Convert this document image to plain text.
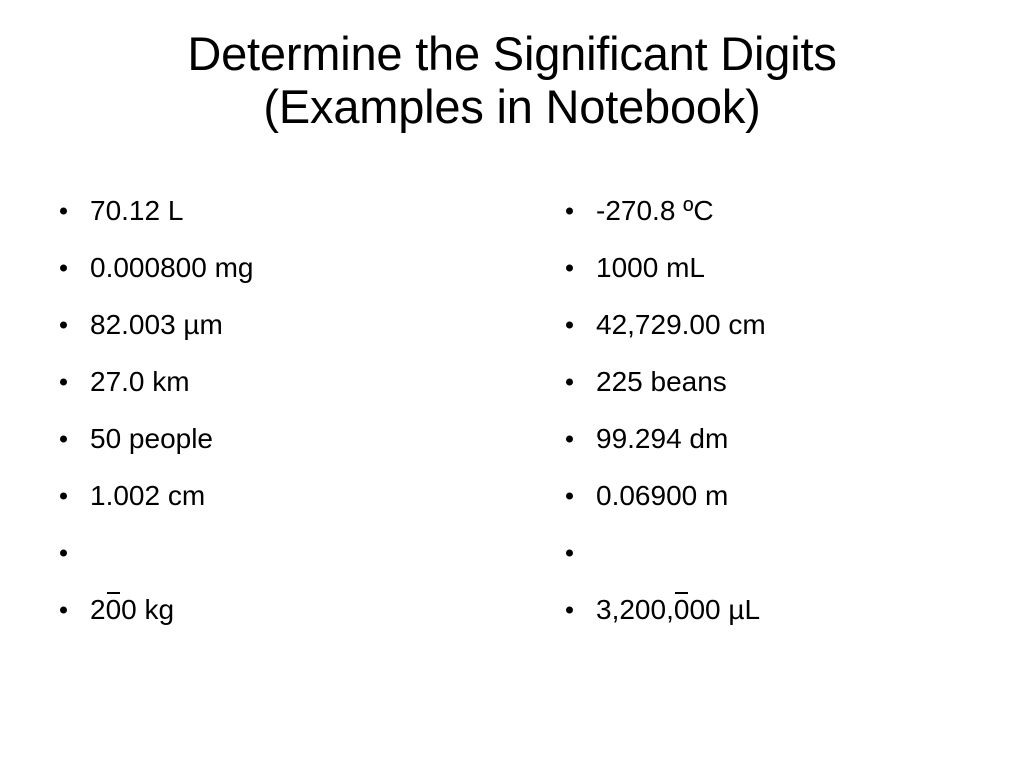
Determine the Significant Digits
(Examples in Notebook)
70.12 L
0.000800 mg
82.003 µm
27.0 km
50 people
1.002 cm
200 kg
-270.8 ºC
1000 mL
42,729.00 cm
225 beans
99.294 dm
0.06900 m
3,200,000 µL
